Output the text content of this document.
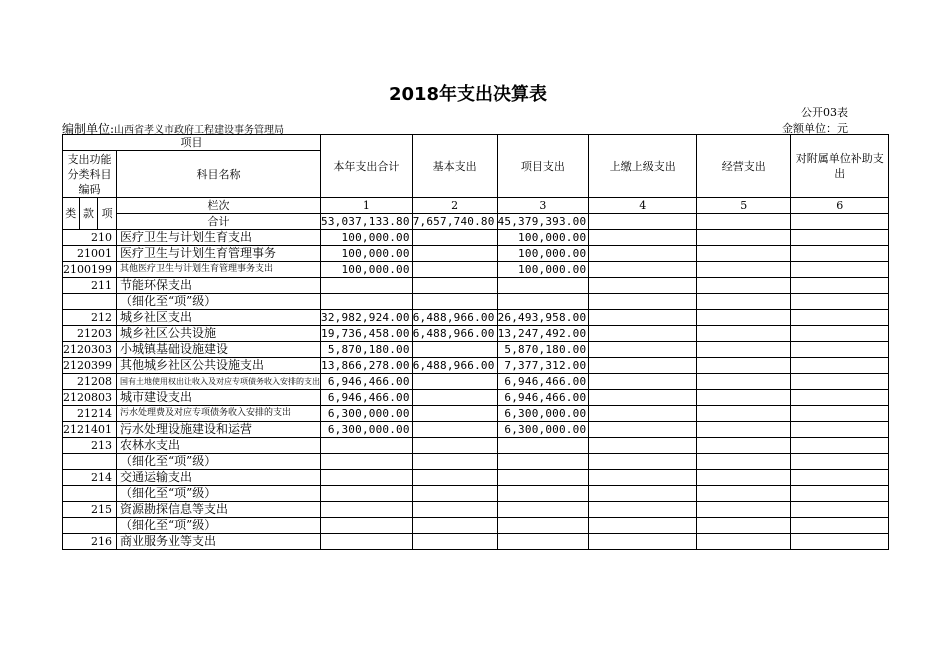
2018年支出决算表
公开03表
编制单位:山西省孝义市政府工程建设事务管理局	金额单位：元
项目				本年支出合计	基本支出	项目支出	上缴上级支出	经营支出	对附属单位补助支出
支出功能分类科目编码			科目名称						

类	款	项	栏次	1	2	3	4	5	6
			合计	53,037,133.80	7,657,740.80	45,379,393.00			
210			医疗卫生与计划生育支出	100,000.00		100,000.00			
21001			医疗卫生与计划生育管理事务	100,000.00		100,000.00			
2100199			其他医疗卫生与计划生育管理事务支出	100,000.00		100,000.00			
211			节能环保支出						
			（细化至“项”级）						
212			城乡社区支出	32,982,924.00	6,488,966.00	26,493,958.00			
21203			城乡社区公共设施	19,736,458.00	6,488,966.00	13,247,492.00			
2120303			小城镇基础设施建设	5,870,180.00		5,870,180.00			
2120399			其他城乡社区公共设施支出	13,866,278.00	6,488,966.00	7,377,312.00			
21208			国有土地使用权出让收入及对应专项债务收入安排的支出	6,946,466.00		6,946,466.00			
2120803			城市建设支出	6,946,466.00		6,946,466.00			
21214			污水处理费及对应专项债务收入安排的支出	6,300,000.00		6,300,000.00			
2121401			污水处理设施建设和运营	6,300,000.00		6,300,000.00			
213			农林水支出						
			（细化至“项”级）						
214			交通运输支出						
			（细化至“项”级）						
215			资源勘探信息等支出						
			（细化至“项”级）						
216			商业服务业等支出						
